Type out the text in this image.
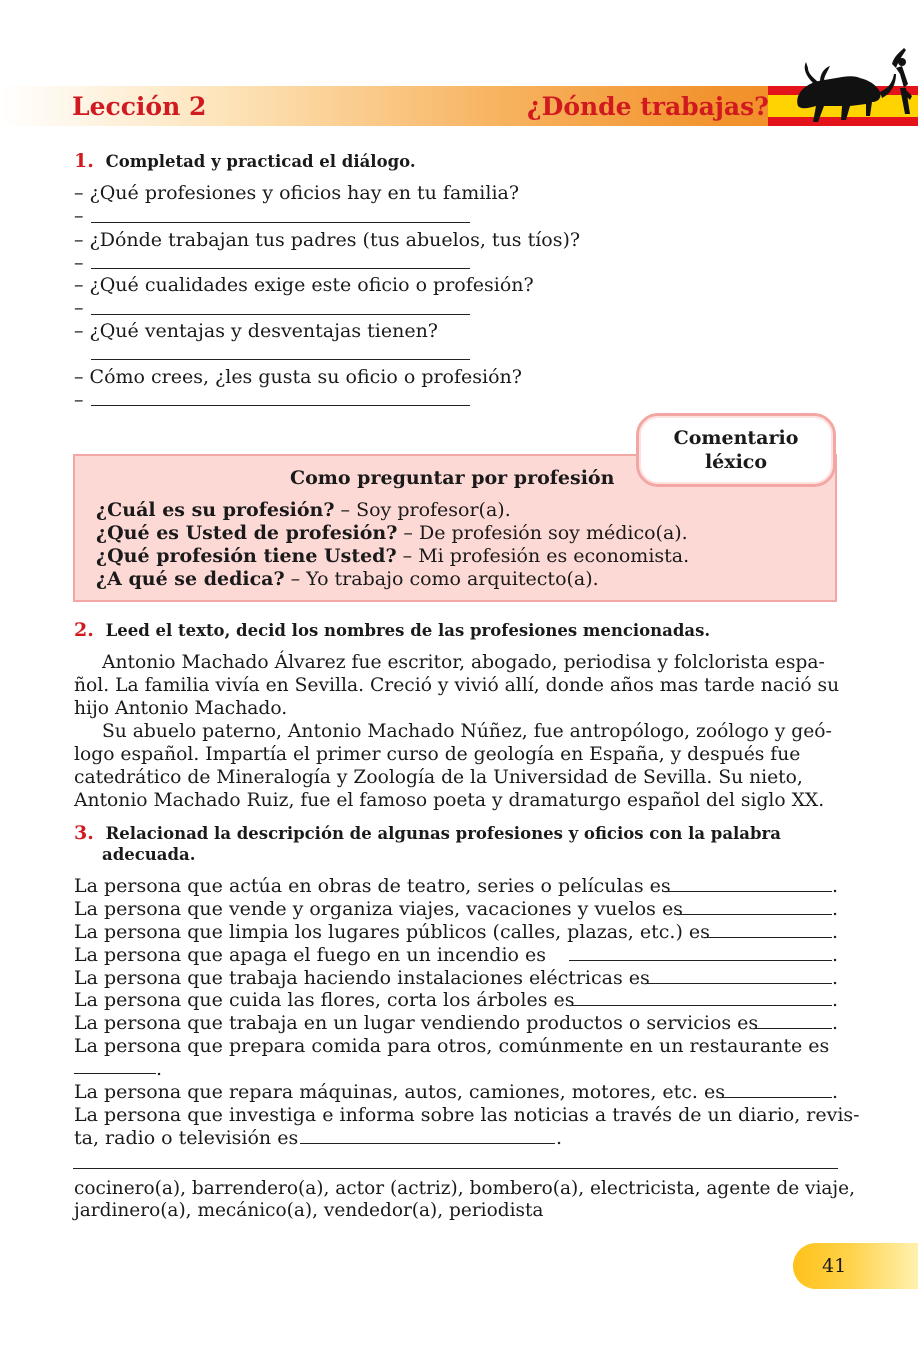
Lección 2	¿Dónde trabajas?

1. Completad y practicad el diálogo.

– ¿Qué profesiones y oficios hay en tu familia?

–

– ¿Dónde trabajan tus padres (tus abuelos, tus tíos)?

–

– ¿Qué cualidades exige este oficio o profesión?

–

– ¿Qué ventajas y desventajas tienen?

– Cómo crees, ¿les gusta su oficio o profesión?

–

Comentario
léxico

Como preguntar por profesión

¿Cuál es su profesión? – Soy profesor(a).

¿Qué es Usted de profesión? – De profesión soy médico(a).

¿Qué profesión tiene Usted? – Mi profesión es economista.

¿A qué se dedica? – Yo trabajo como arquitecto(a).

2. Leed el texto, decid los nombres de las profesiones mencionadas.

Antonio Machado Álvarez fue escritor, abogado, periodisa y folclorista espa-

ñol. La familia vivía en Sevilla. Creció y vivió allí, donde años mas tarde nació su

hijo Antonio Machado.

Su abuelo paterno, Antonio Machado Núñez, fue antropólogo, zoólogo y geó-

logo español. Impartía el primer curso de geología en España, y después fue

catedrático de Mineralogía y Zoología de la Universidad de Sevilla. Su nieto,

Antonio Machado Ruiz, fue el famoso poeta y dramaturgo español del siglo XX.

3. Relacionad la descripción de algunas profesiones y oficios con la palabra

adecuada.

La persona que actúa en obras de teatro, series o películas es	.

La persona que vende y organiza viajes, vacaciones y vuelos es	.

La persona que limpia los lugares públicos (calles, plazas, etc.) es	.

La persona que apaga el fuego en un incendio es	.

La persona que trabaja haciendo instalaciones eléctricas es	.

La persona que cuida las flores, corta los árboles es	.

La persona que trabaja en un lugar vendiendo productos o servicios es	.

La persona que prepara comida para otros, comúnmente en un restaurante es

.

La persona que repara máquinas, autos, camiones, motores, etc. es	.

La persona que investiga e informa sobre las noticias a través de un diario, revis-

ta, radio o televisión es	.

cocinero(a), barrendero(a), actor (actriz), bombero(a), electricista, agente de viaje,

jardinero(a), mecánico(a), vendedor(a), periodista

41
